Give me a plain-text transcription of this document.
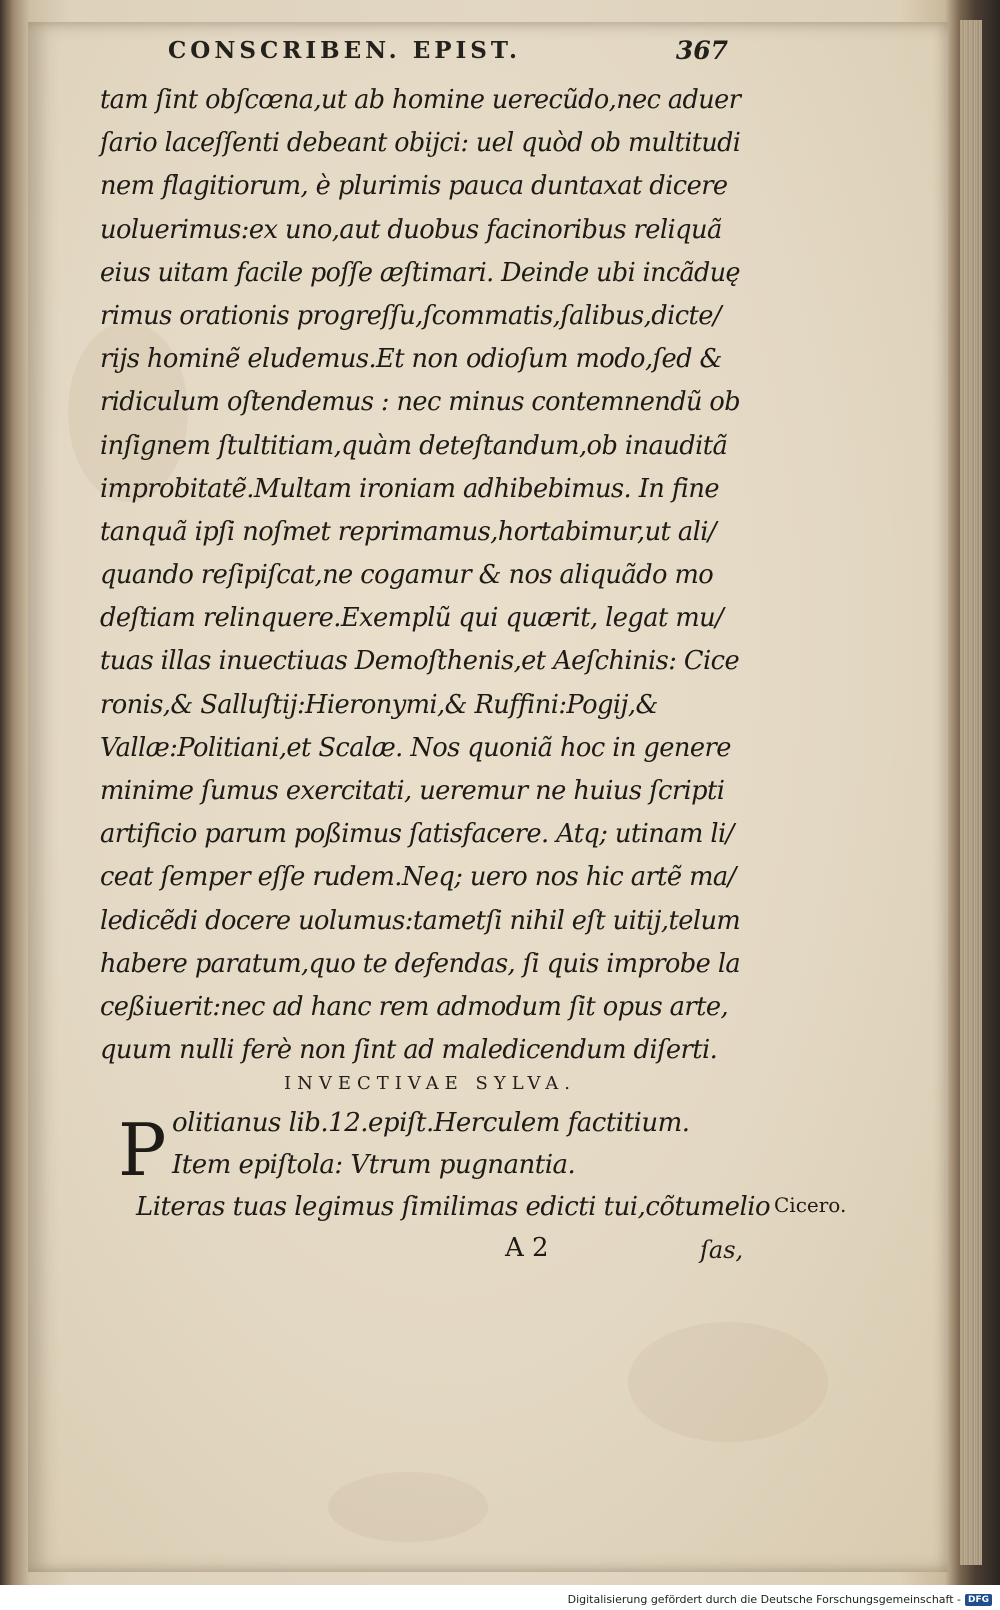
CONSCRIBEN. EPIST.	367
tam ſint obſcœna,ut ab homine uerecũdo,nec aduer
ſario laceſſenti debeant obijci: uel quòd ob multitudi
nem flagitiorum, è plurimis pauca duntaxat dicere
uoluerimus:ex uno,aut duobus facinoribus reliquã
eius uitam facile poſſe æſtimari. Deinde ubi incãduę
rimus orationis progreſſu,ſcommatis,ſalibus,dicte/
rijs hominẽ eludemus.Et non odioſum modo,ſed &
ridiculum oſtendemus : nec minus contemnendũ ob
inſignem ſtultitiam,quàm deteſtandum,ob inauditã
improbitatẽ.Multam ironiam adhibebimus. In fine
tanquã ipſi noſmet reprimamus,hortabimur,ut ali/
quando reſipiſcat,ne cogamur & nos aliquãdo mo
deſtiam relinquere.Exemplũ qui quærit, legat mu/
tuas illas inuectiuas Demoſthenis,et Aeſchinis: Cice
ronis,& Salluſtij:Hieronymi,& Ruffini:Pogij,&
Vallæ:Politiani,et Scalæ. Nos quoniã hoc in genere
minime ſumus exercitati, ueremur ne huius ſcripti
artificio parum poßimus ſatisfacere. Atq; utinam li/
ceat ſemper eſſe rudem.Neq; uero nos hic artẽ ma/
ledicẽdi docere uolumus:tametſi nihil eſt uitij,telum
habere paratum,quo te defendas, ſi quis improbe la
ceßiuerit:nec ad hanc rem admodum ſit opus arte,
quum nulli ferè non ſint ad maledicendum diſerti.
INVECTIVAE SYLVA.
P olitianus lib.12.epiſt.Herculem factitium.
Item epiſtola: Vtrum pugnantia.
Literas tuas legimus ſimilimas edicti tui,cõtumelio Cicero.
A 2	ſas,
Digitalisierung gefördert durch die Deutsche Forschungsgemeinschaft - DFG
